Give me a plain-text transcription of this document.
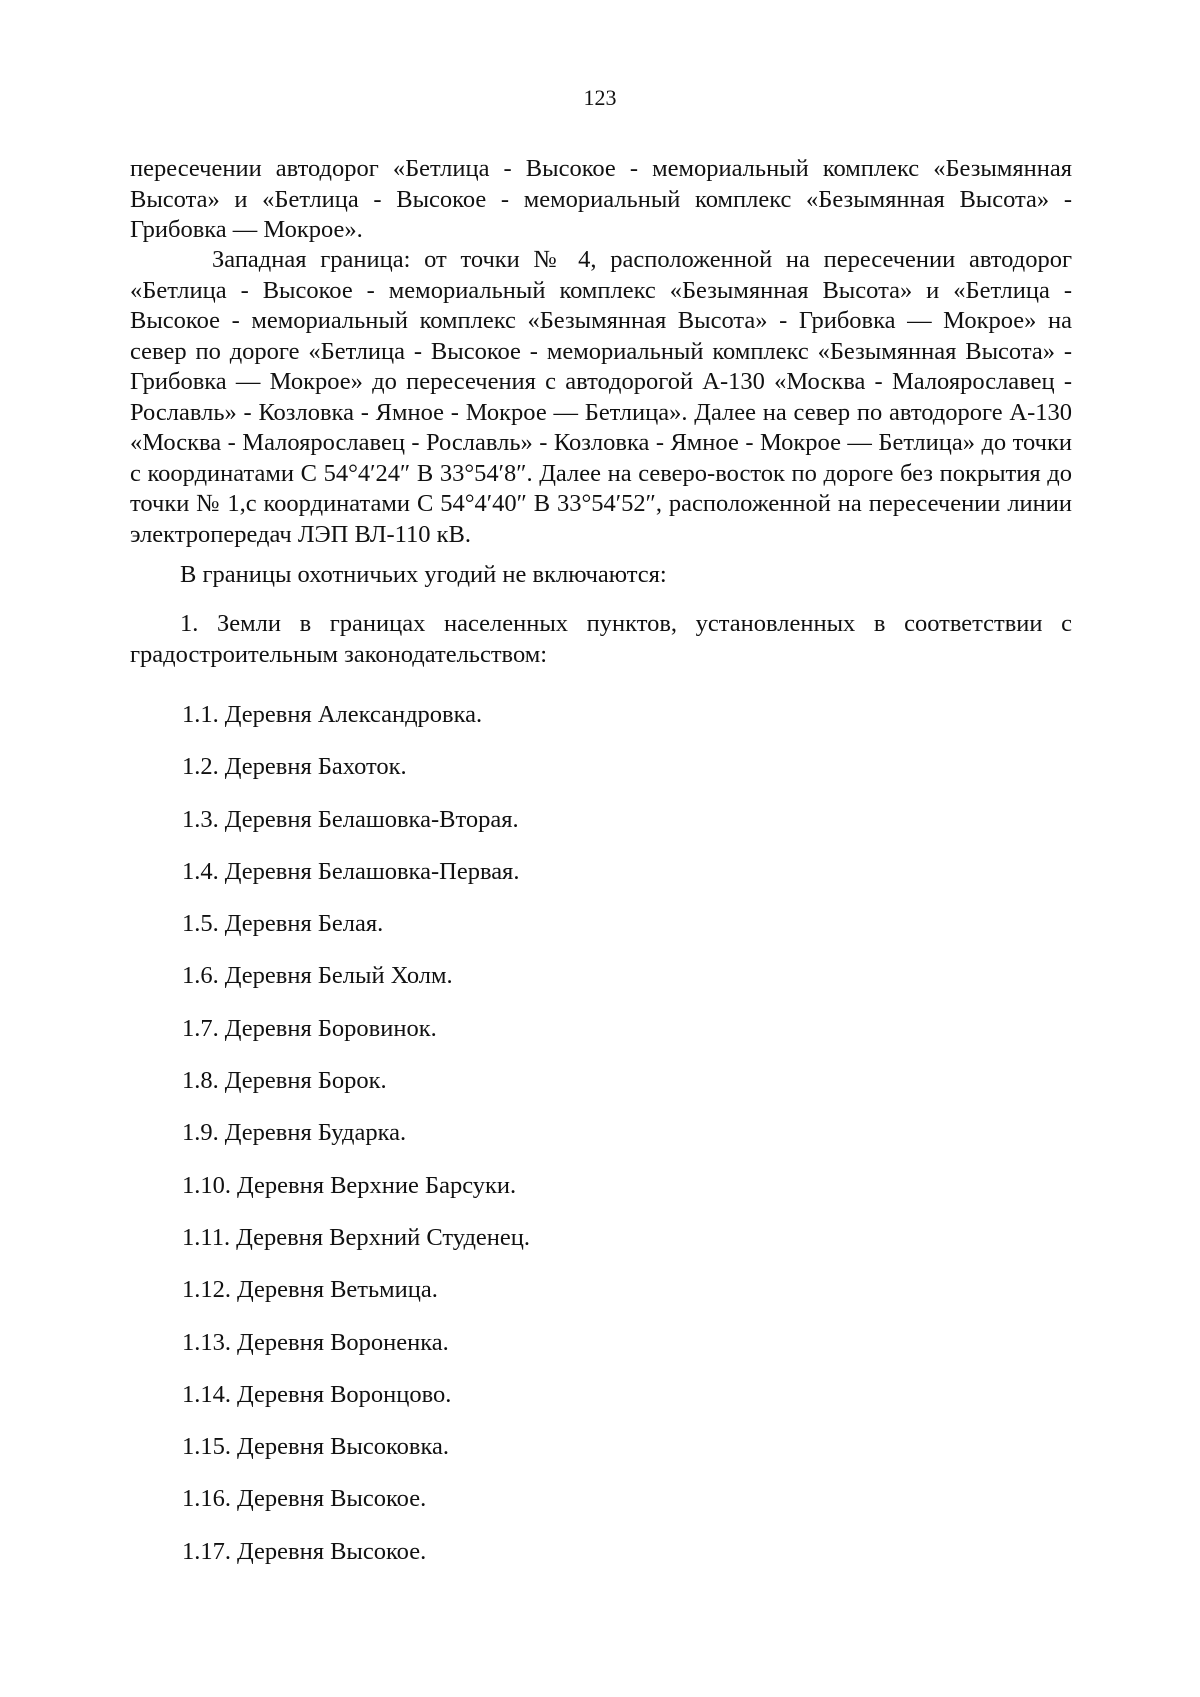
123

пересечении автодорог «Бетлица - Высокое - мемориальный комплекс «Безымянная Высота» и «Бетлица - Высокое - мемориальный комплекс «Безымянная Высота» - Грибовка — Мокрое».

Западная граница: от точки № 4, расположенной на пересечении автодорог «Бетлица - Высокое - мемориальный комплекс «Безымянная Высота» и «Бетлица - Высокое - мемориальный комплекс «Безымянная Высота» - Грибовка — Мокрое» на север по дороге «Бетлица - Высокое - мемориальный комплекс «Безымянная Высота» - Грибовка — Мокрое» до пересечения с автодорогой А-130 «Москва - Малоярославец - Рославль» - Козловка - Ямное - Мокрое — Бетлица». Далее на север по автодороге А-130 «Москва - Малоярославец - Рославль» - Козловка - Ямное - Мокрое — Бетлица» до точки с координатами С 54°4′24″ В 33°54′8″. Далее на северо-восток по дороге без покрытия до точки № 1,с координатами С 54°4′40″ В 33°54′52″, расположенной на пересечении линии электропередач ЛЭП ВЛ-110 кВ.

В границы охотничьих угодий не включаются:

1. Земли в границах населенных пунктов, установленных в соответствии с градостроительным законодательством:

1.1. Деревня Александровка.
1.2. Деревня Бахоток.
1.3. Деревня Белашовка-Вторая.
1.4. Деревня Белашовка-Первая.
1.5. Деревня Белая.
1.6. Деревня Белый Холм.
1.7. Деревня Боровинок.
1.8. Деревня Борок.
1.9. Деревня Бударка.
1.10. Деревня Верхние Барсуки.
1.11. Деревня Верхний Студенец.
1.12. Деревня Ветьмица.
1.13. Деревня Вороненка.
1.14. Деревня Воронцово.
1.15. Деревня Высоковка.
1.16. Деревня Высокое.
1.17. Деревня Высокое.
